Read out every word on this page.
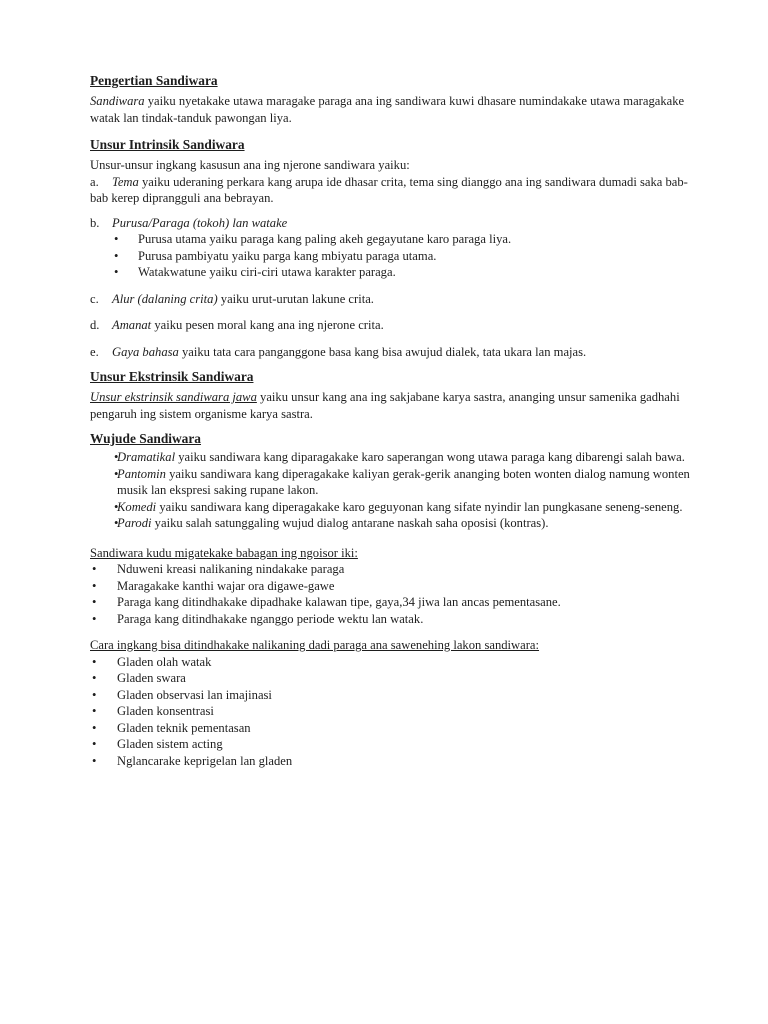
Pengertian Sandiwara

Sandiwara yaiku nyetakake utawa maragake paraga ana ing sandiwara kuwi dhasare numindakake utawa maragakake watak lan tindak-tanduk pawongan liya.

Unsur Intrinsik Sandiwara

Unsur-unsur ingkang kasusun ana ing njerone sandiwara yaiku:

a. Tema yaiku uderaning perkara kang arupa ide dhasar crita, tema sing dianggo ana ing sandiwara dumadi saka bab-bab kerep diprangguli ana bebrayan.

b. Purusa/Paraga (tokoh) lan watake

• Purusa utama yaiku paraga kang paling akeh gegayutane karo paraga liya.
• Purusa pambiyatu yaiku parga kang mbiyatu paraga utama.
• Watakwatune yaiku ciri-ciri utawa karakter paraga.

c. Alur (dalaning crita) yaiku urut-urutan lakune crita.

d. Amanat yaiku pesen moral kang ana ing njerone crita.

e. Gaya bahasa yaiku tata cara panganggone basa kang bisa awujud dialek, tata ukara lan majas.

Unsur Ekstrinsik Sandiwara

Unsur ekstrinsik sandiwara jawa yaiku unsur kang ana ing sakjabane karya sastra, ananging unsur samenika gadhahi pengaruh ing sistem organisme karya sastra.

Wujude Sandiwara

• Dramatikal yaiku sandiwara kang diparagakake karo saperangan wong utawa paraga kang dibarengi salah bawa.
• Pantomin yaiku sandiwara kang diperagakake kaliyan gerak-gerik ananging boten wonten dialog namung wonten musik lan ekspresi saking rupane lakon.
• Komedi yaiku sandiwara kang diperagakake karo geguyonan kang sifate nyindir lan pungkasane seneng-seneng.
• Parodi yaiku salah satunggaling wujud dialog antarane naskah saha oposisi (kontras).

Sandiwara kudu migatekake babagan ing ngoisor iki:

• Nduweni kreasi nalikaning nindakake paraga
• Maragakake kanthi wajar ora digawe-gawe
• Paraga kang ditindhakake dipadhake kalawan tipe, gaya,34 jiwa lan ancas pementasane.
• Paraga kang ditindhakake nganggo periode wektu lan watak.

Cara ingkang bisa ditindhakake nalikaning dadi paraga ana sawenehing lakon sandiwara:

• Gladen olah watak
• Gladen swara
• Gladen observasi lan imajinasi
• Gladen konsentrasi
• Gladen teknik pementasan
• Gladen sistem acting
• Nglancarake keprigelan lan gladen
